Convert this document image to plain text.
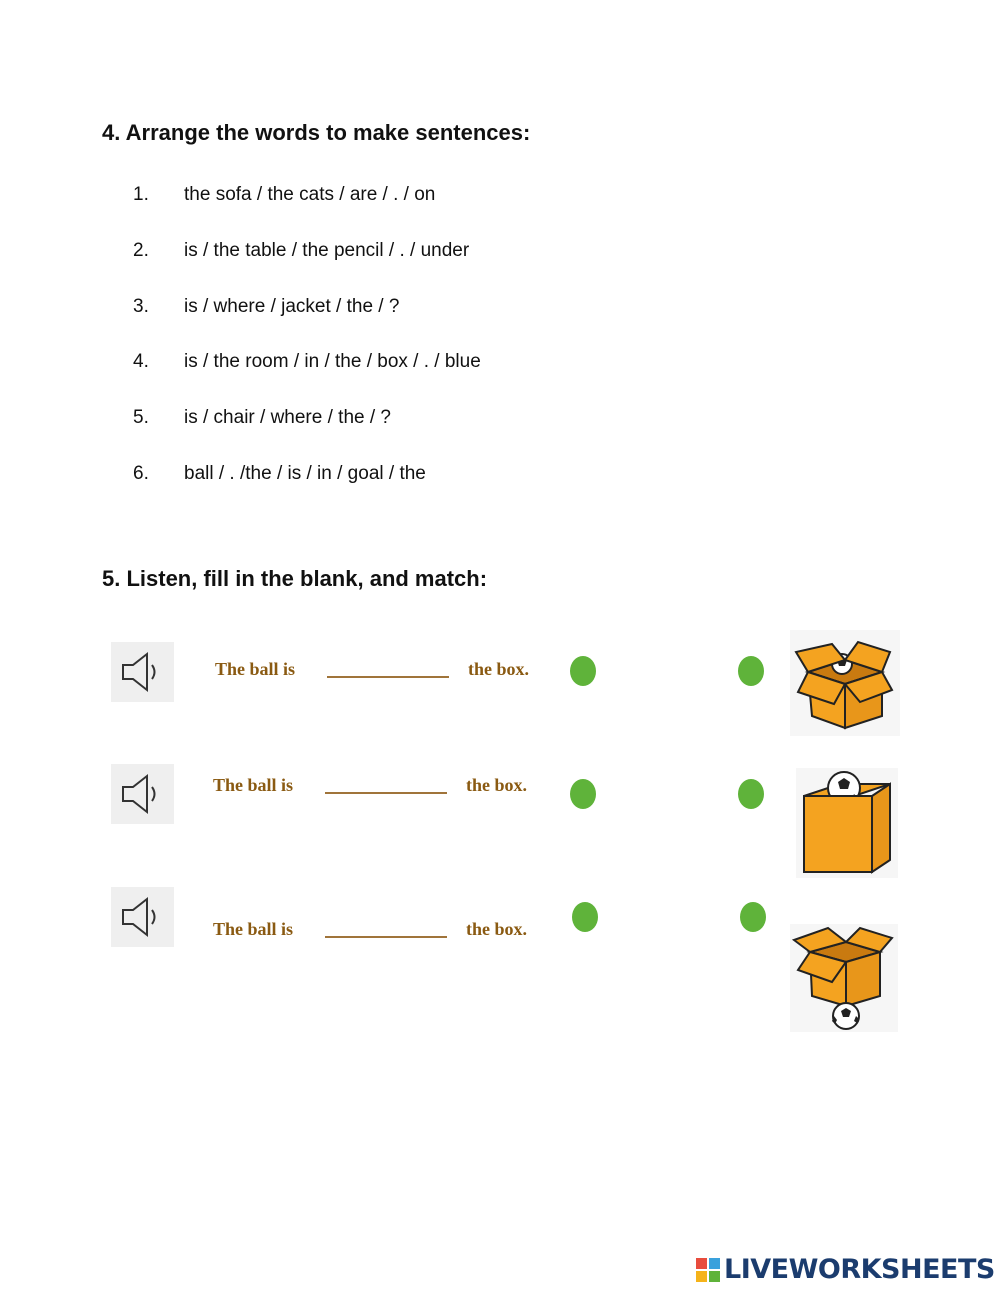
4. Arrange the words to make sentences:
1. the sofa / the cats / are / . / on
2. is / the table / the pencil / . / under
3. is / where / jacket / the / ?
4. is / the room / in / the / box / . / blue
5. is / chair / where / the / ?
6. ball / . /the / is / in / goal / the
5. Listen, fill in the blank, and match:
The ball is	the box.
The ball is	the box.
The ball is	the box.
LIVEWORKSHEETS
